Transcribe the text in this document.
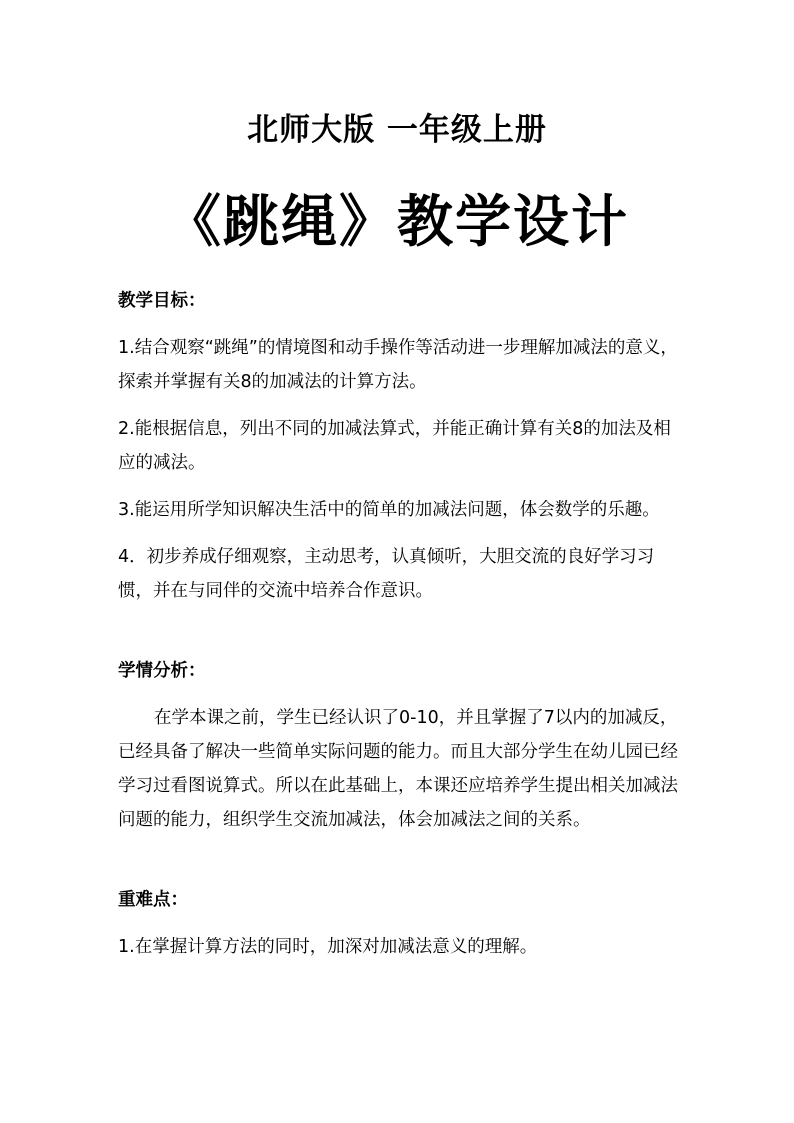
北师大版 一年级上册
《跳绳》教学设计
教学目标：

1.结合观察“跳绳”的情境图和动手操作等活动进一步理解加减法的意义，探索并掌握有关8的加减法的计算方法。

2.能根据信息，列出不同的加减法算式，并能正确计算有关8的加法及相应的减法。

3.能运用所学知识解决生活中的简单的加减法问题，体会数学的乐趣。

4．初步养成仔细观察，主动思考，认真倾听，大胆交流的良好学习习惯，并在与同伴的交流中培养合作意识。

学情分析：

在学本课之前，学生已经认识了0-10，并且掌握了7以内的加减反，已经具备了解决一些简单实际问题的能力。而且大部分学生在幼儿园已经学习过看图说算式。所以在此基础上，本课还应培养学生提出相关加减法问题的能力，组织学生交流加减法，体会加减法之间的关系。

重难点：

1.在掌握计算方法的同时，加深对加减法意义的理解。
